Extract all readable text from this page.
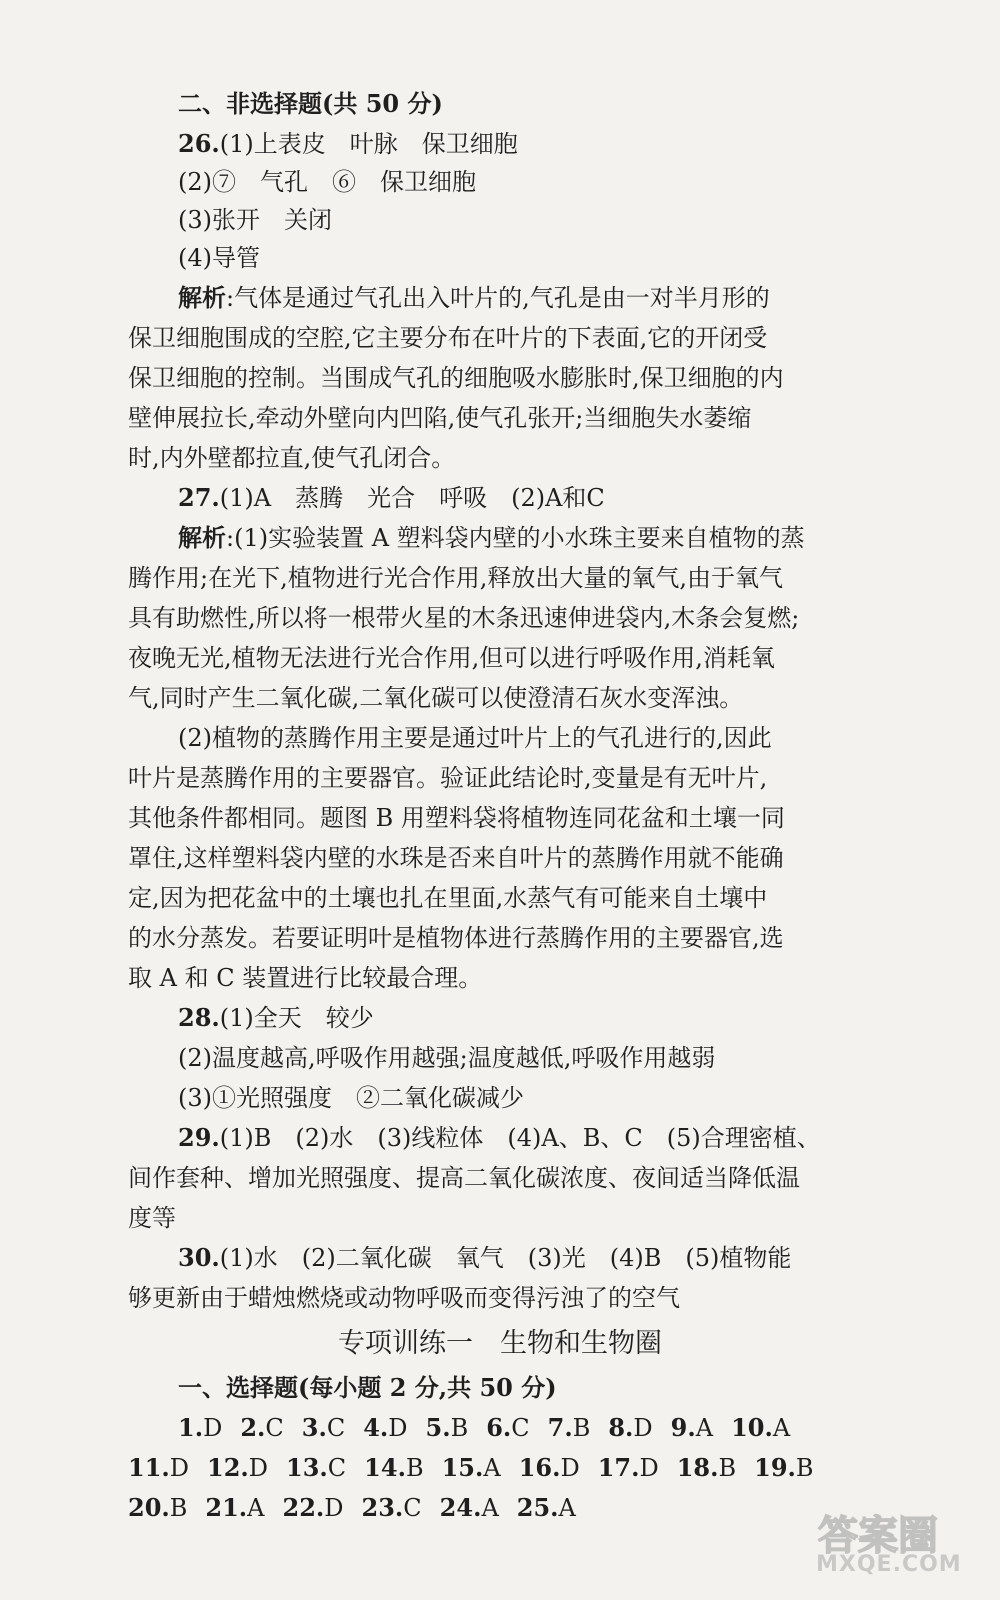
二、非选择题(共 50 分)
26.(1)上表皮　叶脉　保卫细胞
(2)⑦　气孔　⑥　保卫细胞
(3)张开　关闭
(4)导管
解析:气体是通过气孔出入叶片的,气孔是由一对半月形的
保卫细胞围成的空腔,它主要分布在叶片的下表面,它的开闭受
保卫细胞的控制。当围成气孔的细胞吸水膨胀时,保卫细胞的内
壁伸展拉长,牵动外壁向内凹陷,使气孔张开;当细胞失水萎缩
时,内外壁都拉直,使气孔闭合。
27.(1)A　蒸腾　光合　呼吸　(2)A和C
解析:(1)实验装置 A 塑料袋内壁的小水珠主要来自植物的蒸
腾作用;在光下,植物进行光合作用,释放出大量的氧气,由于氧气
具有助燃性,所以将一根带火星的木条迅速伸进袋内,木条会复燃;
夜晚无光,植物无法进行光合作用,但可以进行呼吸作用,消耗氧
气,同时产生二氧化碳,二氧化碳可以使澄清石灰水变浑浊。
(2)植物的蒸腾作用主要是通过叶片上的气孔进行的,因此
叶片是蒸腾作用的主要器官。验证此结论时,变量是有无叶片,
其他条件都相同。题图 B 用塑料袋将植物连同花盆和土壤一同
罩住,这样塑料袋内壁的水珠是否来自叶片的蒸腾作用就不能确
定,因为把花盆中的土壤也扎在里面,水蒸气有可能来自土壤中
的水分蒸发。若要证明叶是植物体进行蒸腾作用的主要器官,选
取 A 和 C 装置进行比较最合理。
28.(1)全天　较少
(2)温度越高,呼吸作用越强;温度越低,呼吸作用越弱
(3)①光照强度　②二氧化碳减少
29.(1)B　(2)水　(3)线粒体　(4)A、B、C　(5)合理密植、
间作套种、增加光照强度、提高二氧化碳浓度、夜间适当降低温
度等
30.(1)水　(2)二氧化碳　氧气　(3)光　(4)B　(5)植物能
够更新由于蜡烛燃烧或动物呼吸而变得污浊了的空气
专项训练一　生物和生物圈
一、选择题(每小题 2 分,共 50 分)
1.D 2.C 3.C 4.D 5.B 6.C 7.B 8.D 9.A 10.A
11.D 12.D 13.C 14.B 15.A 16.D 17.D 18.B 19.B
20.B 21.A 22.D 23.C 24.A 25.A
答案圈
MXQE.COM
